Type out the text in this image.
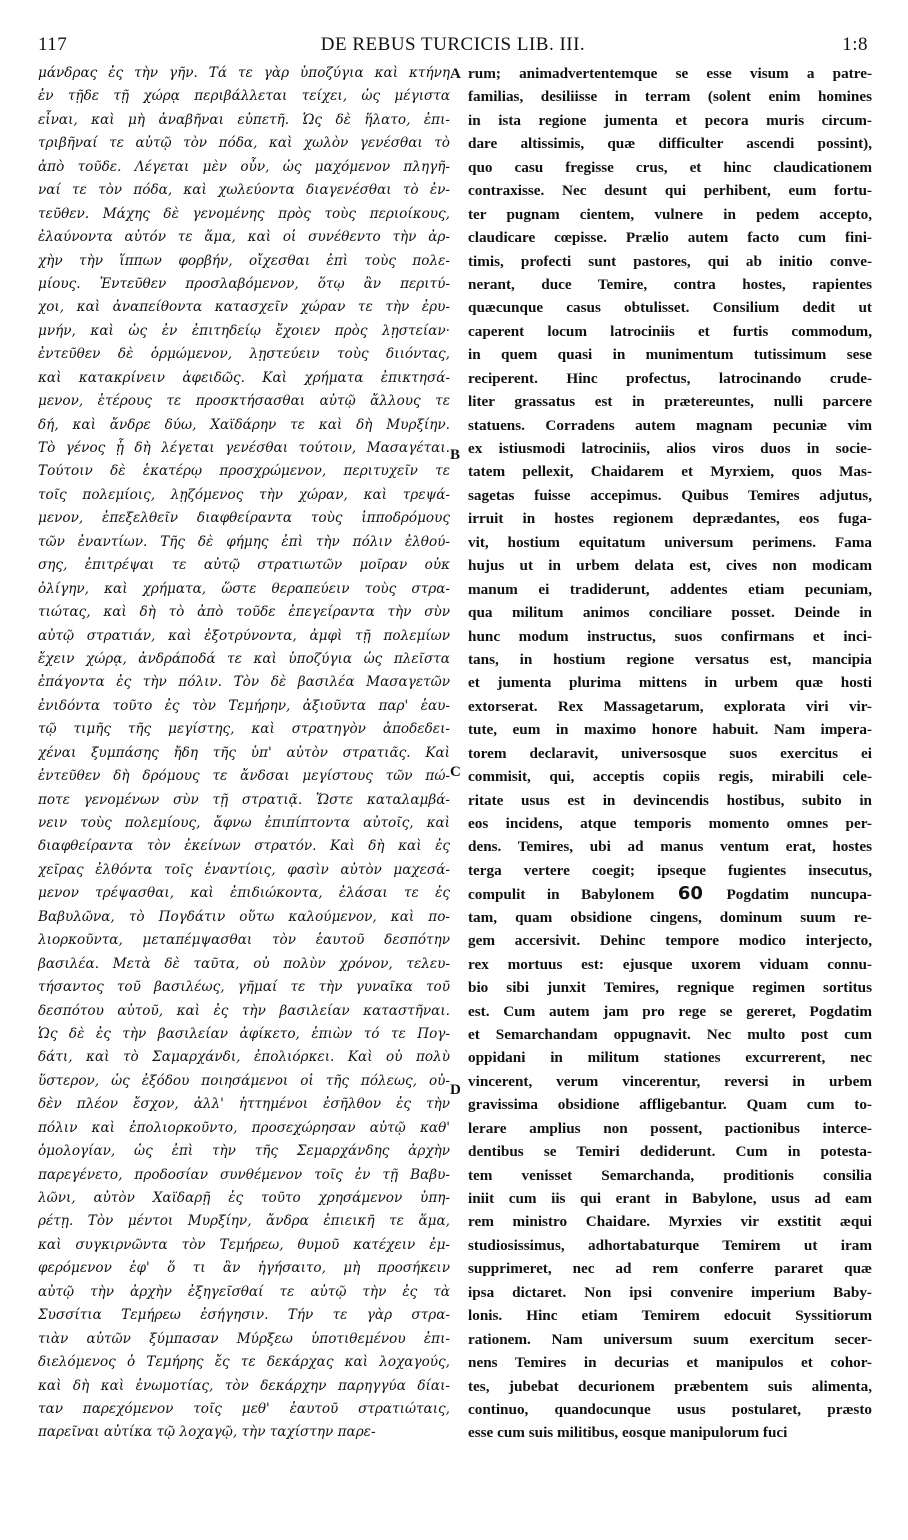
117	DE REBUS TURCICIS LIB. III.	1:8
μάνδρας ἐς τὴν γῆν. Τά τε γὰρ ὑποζύγια καὶ κτήνη
ἐν τῇδε τῇ χώρᾳ περιβάλλεται τείχει, ὡς μέγιστα
εἶναι, καὶ μὴ ἀναβῆναι εὐπετῆ. Ὡς δὲ ἥλατο, ἐπι-
τριβῆναί τε αὐτῷ τὸν πόδα, καὶ χωλὸν γενέσθαι τὸ
ἀπὸ τοῦδε. Λέγεται μὲν οὖν, ὡς μαχόμενον πληγῆ-
ναί τε τὸν πόδα, καὶ χωλεύοντα διαγενέσθαι τὸ ἐν-
τεῦθεν. Μάχης δὲ γενομένης πρὸς τοὺς περιοίκους,
ἐλαύνοντα αὐτόν τε ἅμα, καὶ οἱ συνέθεντο τὴν ἀρ-
χὴν τὴν ἵππων φορβήν, οἴχεσθαι ἐπὶ τοὺς πολε-
μίους. Ἐντεῦθεν προσλαβόμενον, ὅτῳ ἂν περιτύ-
χοι, καὶ ἀναπείθοντα κατασχεῖν χώραν τε τὴν ἐρυ-
μνήν, καὶ ὡς ἐν ἐπιτηδείῳ ἔχοιεν πρὸς λῃστείαν·
ἐντεῦθεν δὲ ὁρμώμενον, λῃστεύειν τοὺς διιόντας,
καὶ κατακρίνειν ἀφειδῶς. Καὶ χρήματα ἐπικτησά-
μενον, ἑτέρους τε προσκτήσασθαι αὐτῷ ἄλλους τε
δή, καὶ ἄνδρε δύω, Χαϊδάρην τε καὶ δὴ Μυρξίην.
Τὸ γένος ᾗ δὴ λέγεται γενέσθαι τούτοιν, Μασαγέται.
Τούτοιν δὲ ἑκατέρῳ προσχρώμενον, περιτυχεῖν τε
τοῖς πολεμίοις, λῃζόμενος τὴν χώραν, καὶ τρεψά-
μενον, ἐπεξελθεῖν διαφθείραντα τοὺς ἱπποδρόμους
τῶν ἐναντίων. Τῆς δὲ φήμης ἐπὶ τὴν πόλιν ἐλθού-
σης, ἐπιτρέψαι τε αὐτῷ στρατιωτῶν μοῖραν οὐκ
ὀλίγην, καὶ χρήματα, ὥστε θεραπεύειν τοὺς στρα-
τιώτας, καὶ δὴ τὸ ἀπὸ τοῦδε ἐπεγείραντα τὴν σὺν
αὐτῷ στρατιάν, καὶ ἐξοτρύνοντα, ἀμφὶ τῇ πολεμίων
ἔχειν χώρᾳ, ἀνδράποδά τε καὶ ὑποζύγια ὡς πλεῖστα
ἐπάγοντα ἐς τὴν πόλιν. Τὸν δὲ βασιλέα Μασαγετῶν
ἐνιδόντα τοῦτο ἐς τὸν Τεμήρην, ἀξιοῦντα παρ' ἑαυ-
τῷ τιμῆς τῆς μεγίστης, καὶ στρατηγὸν ἀποδεδει-
χέναι ξυμπάσης ἤδη τῆς ὑπ' αὐτὸν στρατιᾶς. Καὶ
ἐντεῦθεν δὴ δρόμους τε ἄνδσαι μεγίστους τῶν πώ-
ποτε γενομένων σὺν τῇ στρατιᾷ. Ὥστε καταλαμβά-
νειν τοὺς πολεμίους, ἄφνω ἐπιπίπτοντα αὐτοῖς, καὶ
διαφθείραντα τὸν ἐκείνων στρατόν. Καὶ δὴ καὶ ἐς
χεῖρας ἐλθόντα τοῖς ἐναντίοις, φασὶν αὐτὸν μαχεσά-
μενον τρέψασθαι, καὶ ἐπιδιώκοντα, ἐλάσαι τε ἐς
Βαβυλῶνα, τὸ Πογδάτιν οὕτω καλούμενον, καὶ πο-
λιορκοῦντα, μεταπέμψασθαι τὸν ἑαυτοῦ δεσπότην
βασιλέα. Μετὰ δὲ ταῦτα, οὐ πολὺν χρόνον, τελευ-
τήσαντος τοῦ βασιλέως, γῆμαί τε τὴν γυναῖκα τοῦ
δεσπότου αὐτοῦ, καὶ ἐς τὴν βασιλείαν καταστῆναι.
Ὡς δὲ ἐς τὴν βασιλείαν ἀφίκετο, ἐπιὼν τό τε Πογ-
δάτι, καὶ τὸ Σαμαρχάνδι, ἐπολιόρκει. Καὶ οὐ πολὺ
ὕστερον, ὡς ἐξόδου ποιησάμενοι οἱ τῆς πόλεως, οὐ-
δὲν πλέον ἔσχον, ἀλλ' ἡττημένοι ἐσῆλθον ἐς τὴν
πόλιν καὶ ἐπολιορκοῦντο, προσεχώρησαν αὐτῷ καθ'
ὁμολογίαν, ὡς ἐπὶ τὴν τῆς Σεμαρχάνδης ἀρχὴν
παρεγένετο, προδοσίαν συνθέμενον τοῖς ἐν τῇ Βαβυ-
λῶνι, αὐτὸν Χαϊδαρῇ ἐς τοῦτο χρησάμενον ὑπη-
ρέτῃ. Τὸν μέντοι Μυρξίην, ἄνδρα ἐπιεικῆ τε ἅμα,
καὶ συγκιρνῶντα τὸν Τεμήρεω, θυμοῦ κατέχειν ἐμ-
φερόμενον ἐφ' ὅ τι ἂν ἡγήσαιτο, μὴ προσήκειν
αὐτῷ τὴν ἀρχὴν ἐξηγεῖσθαί τε αὐτῷ τὴν ἐς τὰ
Συσσίτια Τεμήρεω ἐσήγησιν. Τήν τε γὰρ στρα-
τιὰν αὐτῶν ξύμπασαν Μύρξεω ὑποτιθεμένου ἐπι-
διελόμενος ὁ Τεμήρης ἔς τε δεκάρχας καὶ λοχαγούς,
καὶ δὴ καὶ ἐνωμοτίας, τὸν δεκάρχην παρηγγύα δίαι-
ταν παρεχόμενον τοῖς μεθ' ἑαυτοῦ στρατιώταις,
παρεῖναι αὐτίκα τῷ λοχαγῷ, τὴν ταχίστην παρε-
rum; animadvertentemque se esse visum a patre-
familias, desiliisse in terram (solent enim homines
in ista regione jumenta et pecora muris circum-
dare altissimis, quæ difficulter ascendi possint),
quo casu fregisse crus, et hinc claudicationem
contraxisse. Nec desunt qui perhibent, eum fortu-
ter pugnam cientem, vulnere in pedem accepto,
claudicare cœpisse. Prælio autem facto cum fini-
timis, profecti sunt pastores, qui ab initio conve-
nerant, duce Temire, contra hostes, rapientes
quæcunque casus obtulisset. Consilium dedit ut
caperent locum latrociniis et furtis commodum,
in quem quasi in munimentum tutissimum sese
reciperent. Hinc profectus, latrocinando crude-
liter grassatus est in prætereuntes, nulli parcere
statuens. Corradens autem magnam pecuniæ vim
ex istiusmodi latrociniis, alios viros duos in socie-
tatem pellexit, Chaidarem et Myrxiem, quos Mas-
sagetas fuisse accepimus. Quibus Temires adjutus,
irruit in hostes regionem deprædantes, eos fuga-
vit, hostium equitatum universum perimens. Fama
hujus ut in urbem delata est, cives non modicam
manum ei tradiderunt, addentes etiam pecuniam,
qua militum animos conciliare posset. Deinde in
hunc modum instructus, suos confirmans et inci-
tans, in hostium regione versatus est, mancipia
et jumenta plurima mittens in urbem quæ hosti
extorserat. Rex Massagetarum, explorata viri vir-
tute, eum in maximo honore habuit. Nam impera-
torem declaravit, universosque suos exercitus ei
commisit, qui, acceptis copiis regis, mirabili cele-
ritate usus est in devincendis hostibus, subito in
eos incidens, atque temporis momento omnes per-
dens. Temires, ubi ad manus ventum erat, hostes
terga vertere coegit; ipseque fugientes insecutus,
compulit in Babylonem 60 Pogdatim nuncupa-
tam, quam obsidione cingens, dominum suum re-
gem accersivit. Dehinc tempore modico interjecto,
rex mortuus est: ejusque uxorem viduam connu-
bio sibi junxit Temires, regnique regimen sortitus
est. Cum autem jam pro rege se gereret, Pogdatim
et Semarchandam oppugnavit. Nec multo post cum
oppidani in militum stationes excurrerent, nec
vincerent, verum vincerentur, reversi in urbem
gravissima obsidione affligebantur. Quam cum to-
lerare amplius non possent, pactionibus interce-
dentibus se Temiri dediderunt. Cum in potesta-
tem venisset Semarchanda, proditionis consilia
iniit cum iis qui erant in Babylone, usus ad eam
rem ministro Chaidare. Myrxies vir exstitit æqui
studiosissimus, adhortabaturque Temirem ut iram
supprimeret, nec ad rem conferre pararet quæ
ipsa dictaret. Non ipsi convenire imperium Baby-
lonis. Hinc etiam Temirem edocuit Syssitiorum
rationem. Nam universum suum exercitum secer-
nens Temires in decurias et manipulos et cohor-
tes, jubebat decurionem præbentem suis alimenta,
continuo, quandocunque usus postularet, præsto
esse cum suis militibus, eosque manipulorum fuci
A
B
C
D
